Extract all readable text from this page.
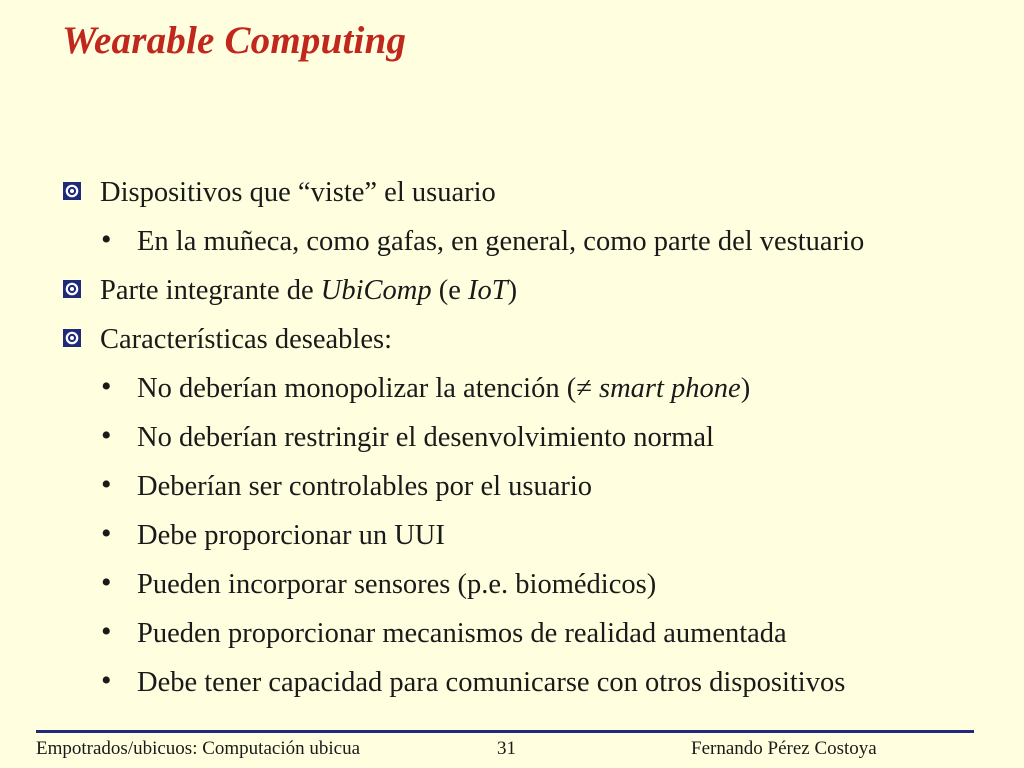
Wearable Computing
Dispositivos que “viste” el usuario
• En la muñeca, como gafas, en general, como parte del vestuario
Parte integrante de UbiComp (e IoT)
Características deseables:
• No deberían monopolizar la atención (≠ smart phone)
• No deberían restringir el desenvolvimiento normal
• Deberían ser controlables por el usuario
• Debe proporcionar un UUI
• Pueden incorporar sensores (p.e. biomédicos)
• Pueden proporcionar mecanismos de realidad aumentada
• Debe tener capacidad para comunicarse con otros dispositivos
Empotrados/ubicuos: Computación ubicua	31	Fernando Pérez Costoya
